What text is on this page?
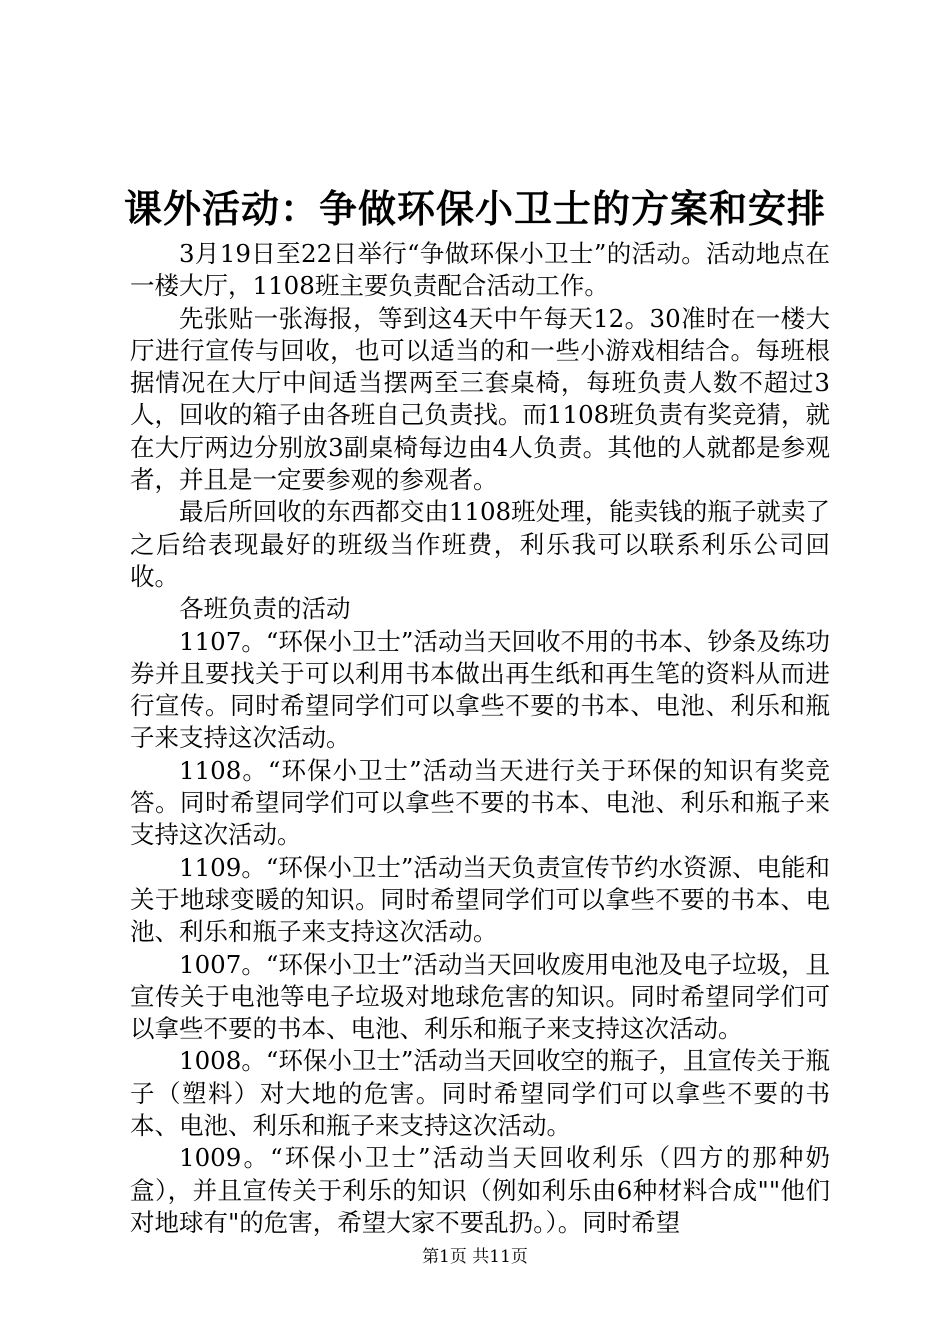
课外活动：争做环保小卫士的方案和安排

3月19日至22日举行“争做环保小卫士”的活动。活动地点在一楼大厅，1108班主要负责配合活动工作。

先张贴一张海报，等到这4天中午每天12。30准时在一楼大厅进行宣传与回收，也可以适当的和一些小游戏相结合。每班根据情况在大厅中间适当摆两至三套桌椅，每班负责人数不超过3人，回收的箱子由各班自己负责找。而1108班负责有奖竞猜，就在大厅两边分别放3副桌椅每边由4人负责。其他的人就都是参观者，并且是一定要参观的参观者。

最后所回收的东西都交由1108班处理，能卖钱的瓶子就卖了之后给表现最好的班级当作班费，利乐我可以联系利乐公司回收。

各班负责的活动

1107。“环保小卫士”活动当天回收不用的书本、钞条及练功券并且要找关于可以利用书本做出再生纸和再生笔的资料从而进行宣传。同时希望同学们可以拿些不要的书本、电池、利乐和瓶子来支持这次活动。

1108。“环保小卫士”活动当天进行关于环保的知识有奖竞答。同时希望同学们可以拿些不要的书本、电池、利乐和瓶子来支持这次活动。

1109。“环保小卫士”活动当天负责宣传节约水资源、电能和关于地球变暖的知识。同时希望同学们可以拿些不要的书本、电池、利乐和瓶子来支持这次活动。

1007。“环保小卫士”活动当天回收废用电池及电子垃圾，且宣传关于电池等电子垃圾对地球危害的知识。同时希望同学们可以拿些不要的书本、电池、利乐和瓶子来支持这次活动。

1008。“环保小卫士”活动当天回收空的瓶子，且宣传关于瓶子（塑料）对大地的危害。同时希望同学们可以拿些不要的书本、电池、利乐和瓶子来支持这次活动。

1009。“环保小卫士”活动当天回收利乐（四方的那种奶盒），并且宣传关于利乐的知识（例如利乐由6种材料合成""他们对地球有"的危害，希望大家不要乱扔。）。同时希望

第1页 共11页
